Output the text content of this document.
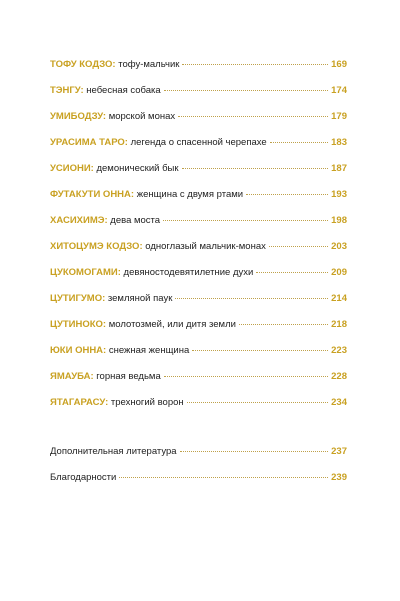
ТОФУ КОДЗО:
тофу-мальчик	169
ТЭНГУ:
небесная собака	174
УМИБОДЗУ:
морской монах	179
УРАСИМА ТАРО:
легенда о спасенной черепахе	183
УСИОНИ:
демонический бык	187
ФУТАКУТИ ОННА:
женщина с двумя ртами	193
ХАСИХИМЭ:
дева моста	198
ХИТОЦУМЭ КОДЗО:
одноглазый мальчик-монах	203
ЦУКОМОГАМИ:
девяностодевятилетние духи	209
ЦУТИГУМО:
земляной паук	214
ЦУТИНОКО:
молотозмей, или дитя земли	218
ЮКИ ОННА:
снежная женщина	223
ЯМАУБА:
горная ведьма	228
ЯТАГАРАСУ:
трехногий ворон	234
Дополнительная литература	237
Благодарности	239
